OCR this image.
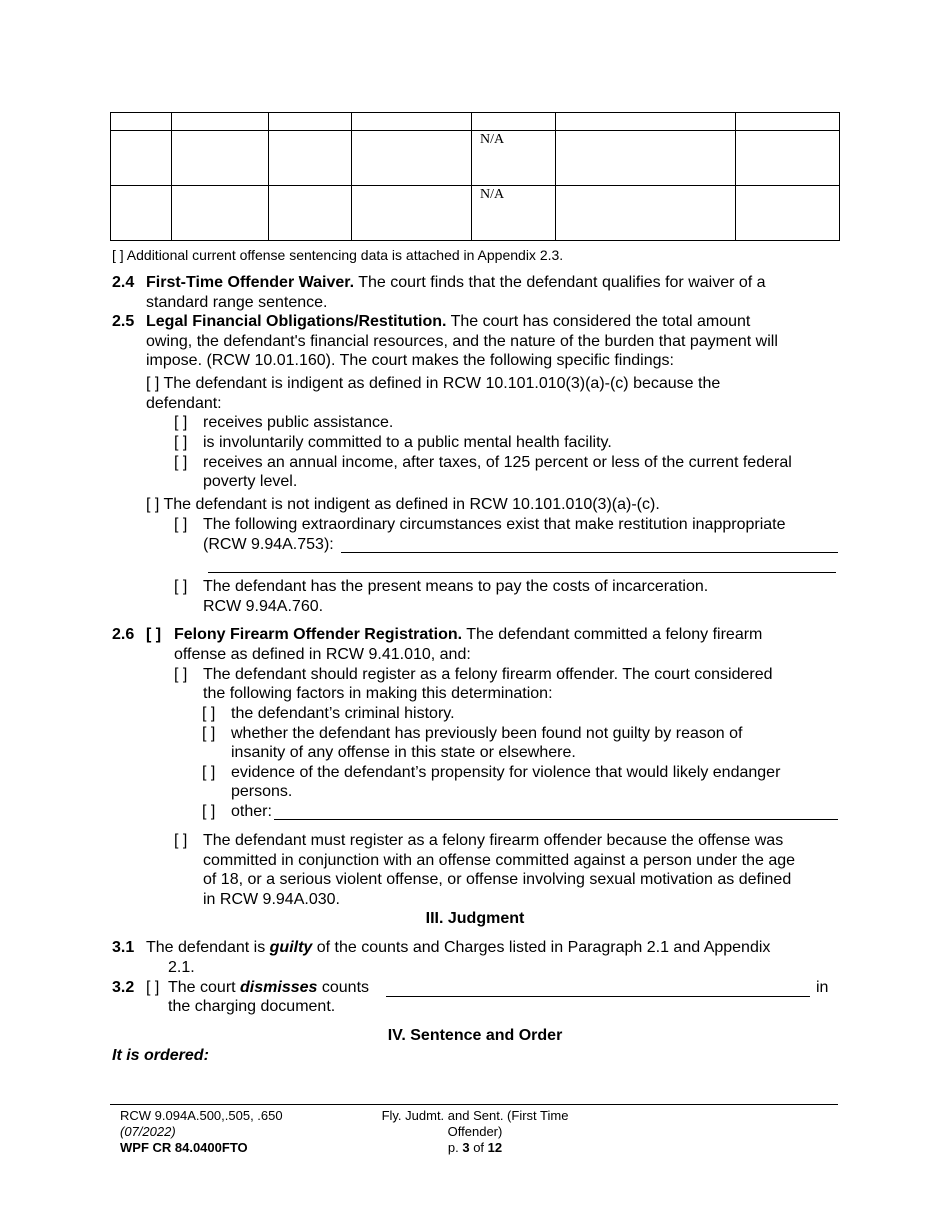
				N/A		

				N/A		

[ ] Additional current offense sentencing data is attached in Appendix 2.3.
2.4 First-Time Offender Waiver. The court finds that the defendant qualifies for waiver of a
standard range sentence.
2.5 Legal Financial Obligations/Restitution. The court has considered the total amount
owing, the defendant's financial resources, and the nature of the burden that payment will
impose. (RCW 10.01.160). The court makes the following specific findings:
[ ] The defendant is indigent as defined in RCW 10.101.010(3)(a)-(c) because the
defendant:
[ ] receives public assistance.
[ ] is involuntarily committed to a public mental health facility.
[ ] receives an annual income, after taxes, of 125 percent or less of the current federal
poverty level.
[ ] The defendant is not indigent as defined in RCW 10.101.010(3)(a)-(c).
[ ] The following extraordinary circumstances exist that make restitution inappropriate
(RCW 9.94A.753):
[ ] The defendant has the present means to pay the costs of incarceration.
RCW 9.94A.760.
2.6 [ ] Felony Firearm Offender Registration. The defendant committed a felony firearm
offense as defined in RCW 9.41.010, and:
[ ] The defendant should register as a felony firearm offender. The court considered
the following factors in making this determination:
[ ] the defendant’s criminal history.
[ ] whether the defendant has previously been found not guilty by reason of
insanity of any offense in this state or elsewhere.
[ ] evidence of the defendant’s propensity for violence that would likely endanger
persons.
[ ] other:
[ ] The defendant must register as a felony firearm offender because the offense was
committed in conjunction with an offense committed against a person under the age
of 18, or a serious violent offense, or offense involving sexual motivation as defined
in RCW 9.94A.030.
III. Judgment
3.1 The defendant is guilty of the counts and Charges listed in Paragraph 2.1 and Appendix
2.1.
3.2 [ ] The court dismisses counts	in
the charging document.
IV. Sentence and Order
It is ordered:
RCW 9.094A.500,.505, .650
(07/2022)
WPF CR 84.0400FTO
Fly. Judmt. and Sent. (First Time
Offender)
p. 3 of 12
